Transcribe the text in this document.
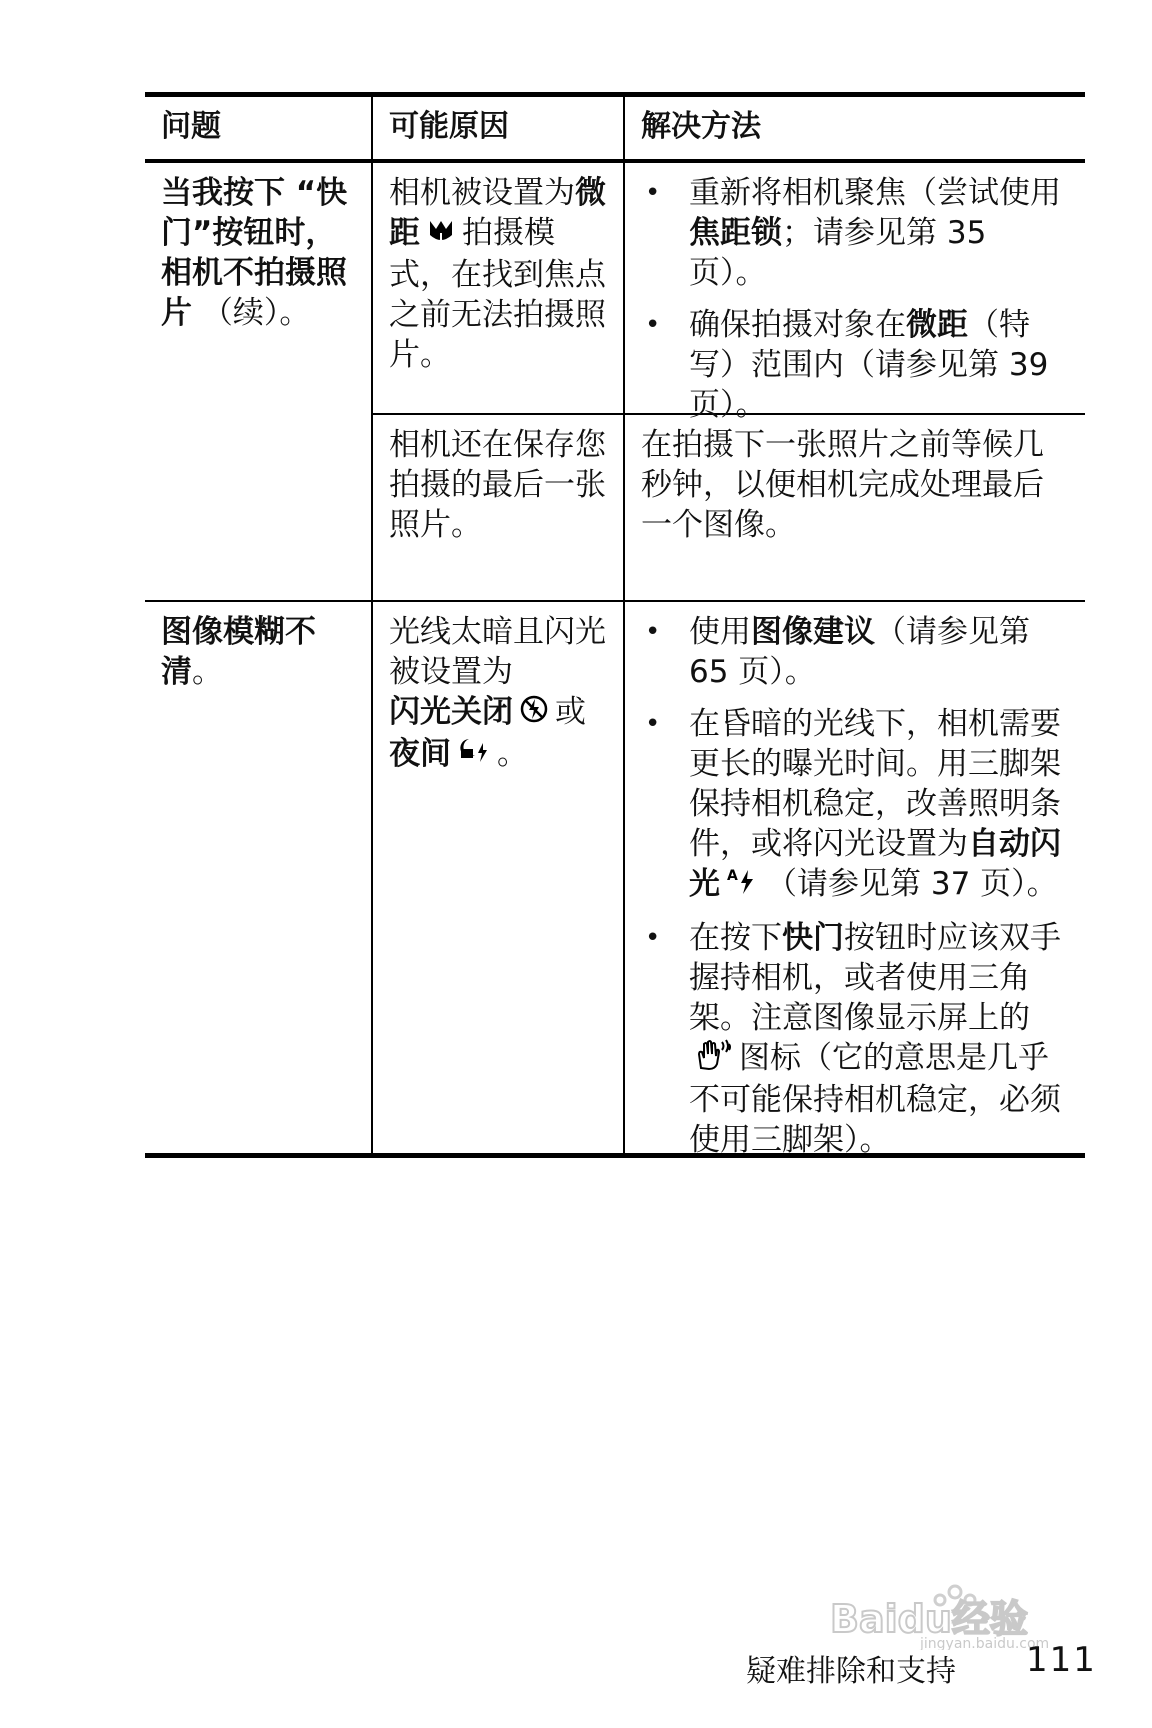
问题	可能原因	解决方法
当我按下 “快门”按钮时，相机不拍摄照片 （续）。
相机被设置为微距 拍摄模式，在找到焦点之前无法拍摄照片。
• 重新将相机聚焦（尝试使用焦距锁；请参见第 35 页）。
• 确保拍摄对象在微距（特写）范围内（请参见第 39 页）。
相机还在保存您拍摄的最后一张照片。
在拍摄下一张照片之前等候几秒钟，以便相机完成处理最后一个图像。
图像模糊不清。
光线太暗且闪光被设置为
闪光关闭 或
夜间 。
• 使用图像建议（请参见第 65 页）。
• 在昏暗的光线下，相机需要更长的曝光时间。用三脚架保持相机稳定，改善照明条件，或将闪光设置为自动闪光 A （请参见第 37 页）。
• 在按下快门按钮时应该双手握持相机，或者使用三角架。注意图像显示屏上的图标（它的意思是几乎不可能保持相机稳定，必须使用三脚架）。
Baidu经验
jingyan.baidu.com
疑难排除和支持 111
